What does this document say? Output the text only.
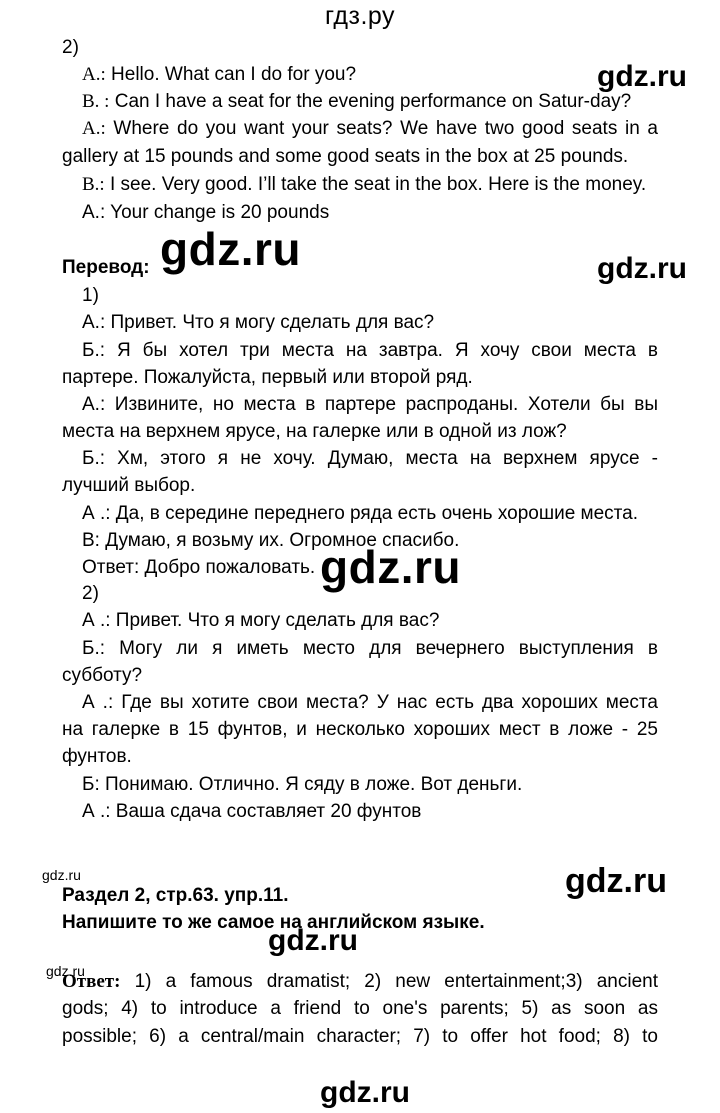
гдз.ру
2)
A.: Hello. What can I do for you?
B. : Can I have a seat for the evening performance on Satur-day?
A.: Where do you want your seats? We have two good seats in a
gallery at 15 pounds and some good seats in the box at 25 pounds.
B.: I see. Very good. I’ll take the seat in the box. Here is the money.
A.: Your change is 20 pounds
gdz.ru
gdz.ru	gdz.ru
gdz.ru
gdz.ru
gdz.ru
gdz.ru
gdz.ru
gdz.ru
Перевод:
1)
А.: Привет. Что я могу сделать для вас?
Б.: Я бы хотел три места на завтра. Я хочу свои места в
партере. Пожалуйста, первый или второй ряд.
А.: Извините, но места в партере распроданы. Хотели бы вы
места на верхнем ярусе, на галерке или в одной из лож?
Б.: Хм, этого я не хочу. Думаю, места на верхнем ярусе -
лучший выбор.
А .: Да, в середине переднего ряда есть очень хорошие места.
В: Думаю, я возьму их. Огромное спасибо.
Ответ: Добро пожаловать.
2)
А .: Привет. Что я могу сделать для вас?
Б.: Могу ли я иметь место для вечернего выступления в
субботу?
А .: Где вы хотите свои места? У нас есть два хороших места
на галерке в 15 фунтов, и несколько хороших мест в ложе - 25
фунтов.
Б: Понимаю. Отлично. Я сяду в ложе. Вот деньги.
А .: Ваша сдача составляет 20 фунтов
Раздел 2, стр.63. упр.11.
Напишите то же самое на английском языке.
Ответ: 1) a famous dramatist; 2) new entertainment;3) ancient
gods; 4) to introduce a friend to one's parents; 5) as soon as
possible; 6) a central/main character; 7) to offer hot food; 8) to
